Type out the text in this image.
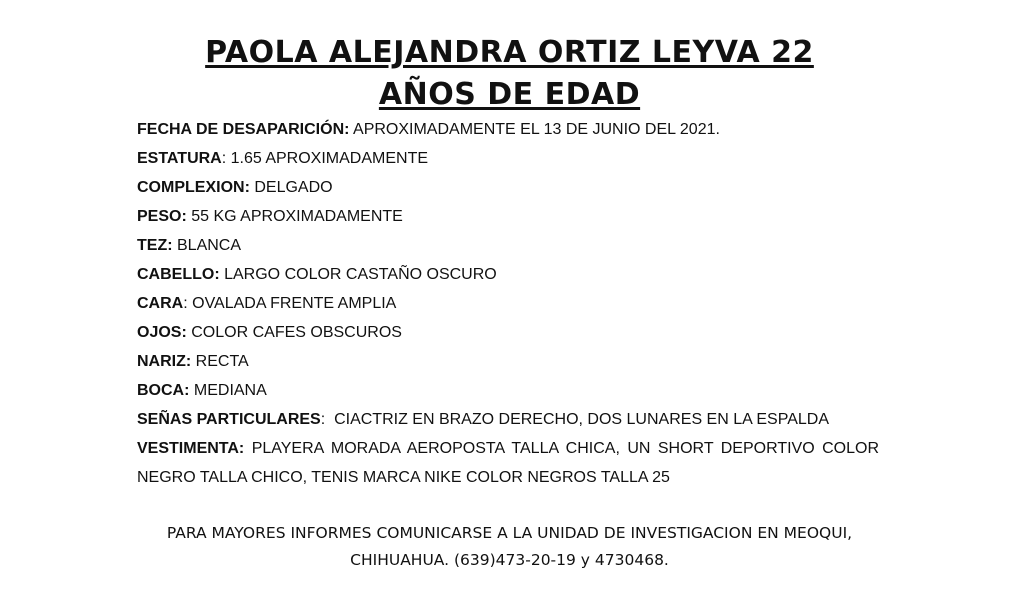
PAOLA ALEJANDRA ORTIZ LEYVA 22
AÑOS DE EDAD
FECHA DE DESAPARICIÓN: APROXIMADAMENTE EL 13 DE JUNIO DEL 2021.
ESTATURA: 1.65 APROXIMADAMENTE
COMPLEXION: DELGADO
PESO: 55 KG APROXIMADAMENTE
TEZ: BLANCA
CABELLO: LARGO COLOR CASTAÑO OSCURO
CARA: OVALADA FRENTE AMPLIA
OJOS: COLOR CAFES OBSCUROS
NARIZ: RECTA
BOCA: MEDIANA
SEÑAS PARTICULARES:  CIACTRIZ EN BRAZO DERECHO, DOS LUNARES EN LA ESPALDA
VESTIMENTA: PLAYERA MORADA AEROPOSTA TALLA CHICA, UN SHORT DEPORTIVO COLOR NEGRO TALLA CHICO, TENIS MARCA NIKE COLOR NEGROS TALLA 25
PARA MAYORES INFORMES COMUNICARSE A LA UNIDAD DE INVESTIGACION EN MEOQUI,
CHIHUAHUA. (639)473-20-19 y 4730468.
